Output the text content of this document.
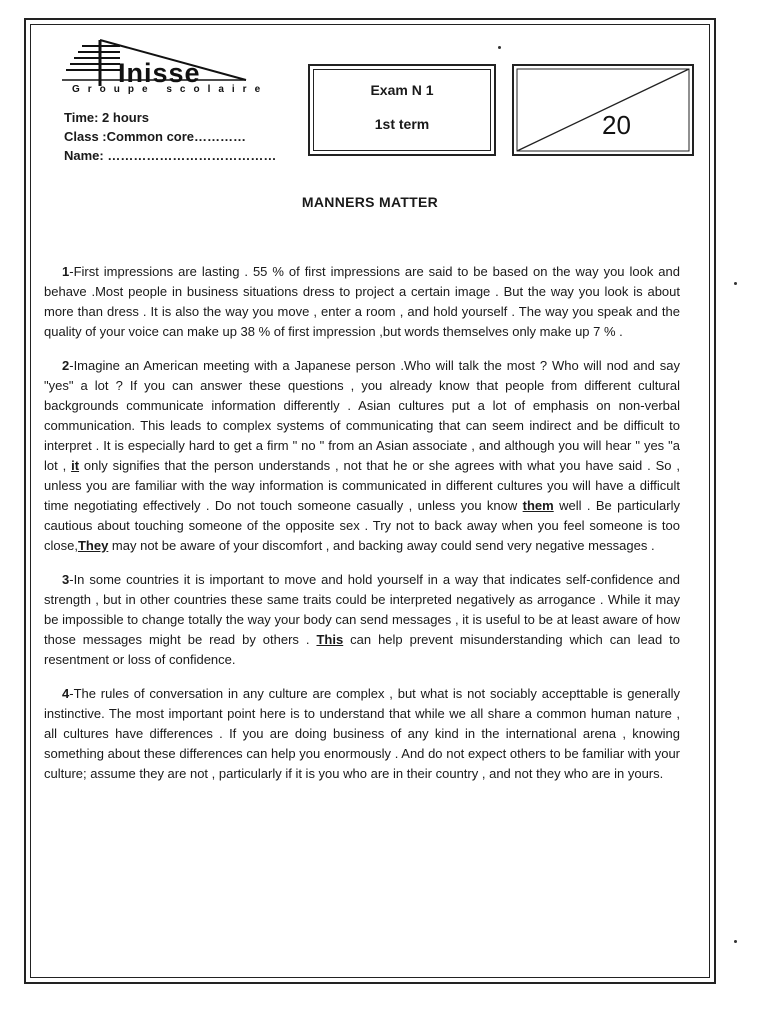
Inisse
Groupe scolaire
Time: 2 hours
Class :Common core…………
Name: …………………………………
Exam N 1
1st term	20
MANNERS MATTER

1-First impressions are lasting . 55 % of first impressions are said to be based on the way you look and behave .Most people in business situations dress to project a certain image . But the way you look is about more than dress . It is also the way you move , enter a room , and hold yourself . The way you speak and the quality of your voice can make up 38 % of first impression ,but words themselves only make up 7 % .

2-Imagine an American meeting with a Japanese person .Who will talk the most ? Who will nod and say "yes" a lot ? If you can answer these questions , you already know that people from different cultural backgrounds communicate information differently . Asian cultures put a lot of emphasis on non-verbal communication. This leads to complex systems of communicating that can seem indirect and be difficult to interpret . It is especially hard to get a firm " no " from an Asian associate , and although you will hear " yes "a lot , it only signifies that the person understands , not that he or she agrees with what you have said . So , unless you are familiar with the way information is communicated in different cultures you will have a difficult time negotiating effectively . Do not touch someone casually , unless you know them well . Be particularly cautious about touching someone of the opposite sex . Try not to back away when you feel someone is too close,They may not be aware of your discomfort , and backing away could send very negative messages .

3-In some countries it is important to move and hold yourself in a way that indicates self-confidence and strength , but in other countries these same traits could be interpreted negatively as arrogance . While it may be impossible to change totally the way your body can send messages , it is useful to be at least aware of how those messages might be read by others . This can help prevent misunderstanding which can lead to resentment or loss of confidence.

4-The rules of conversation in any culture are complex , but what is not sociably accepttable is generally instinctive. The most important point here is to understand that while we all share a common human nature , all cultures have differences . If you are doing business of any kind in the international arena , knowing something about these differences can help you enormously . And do not expect others to be familiar with your culture; assume they are not , particularly if it is you who are in their country , and not they who are in yours.
